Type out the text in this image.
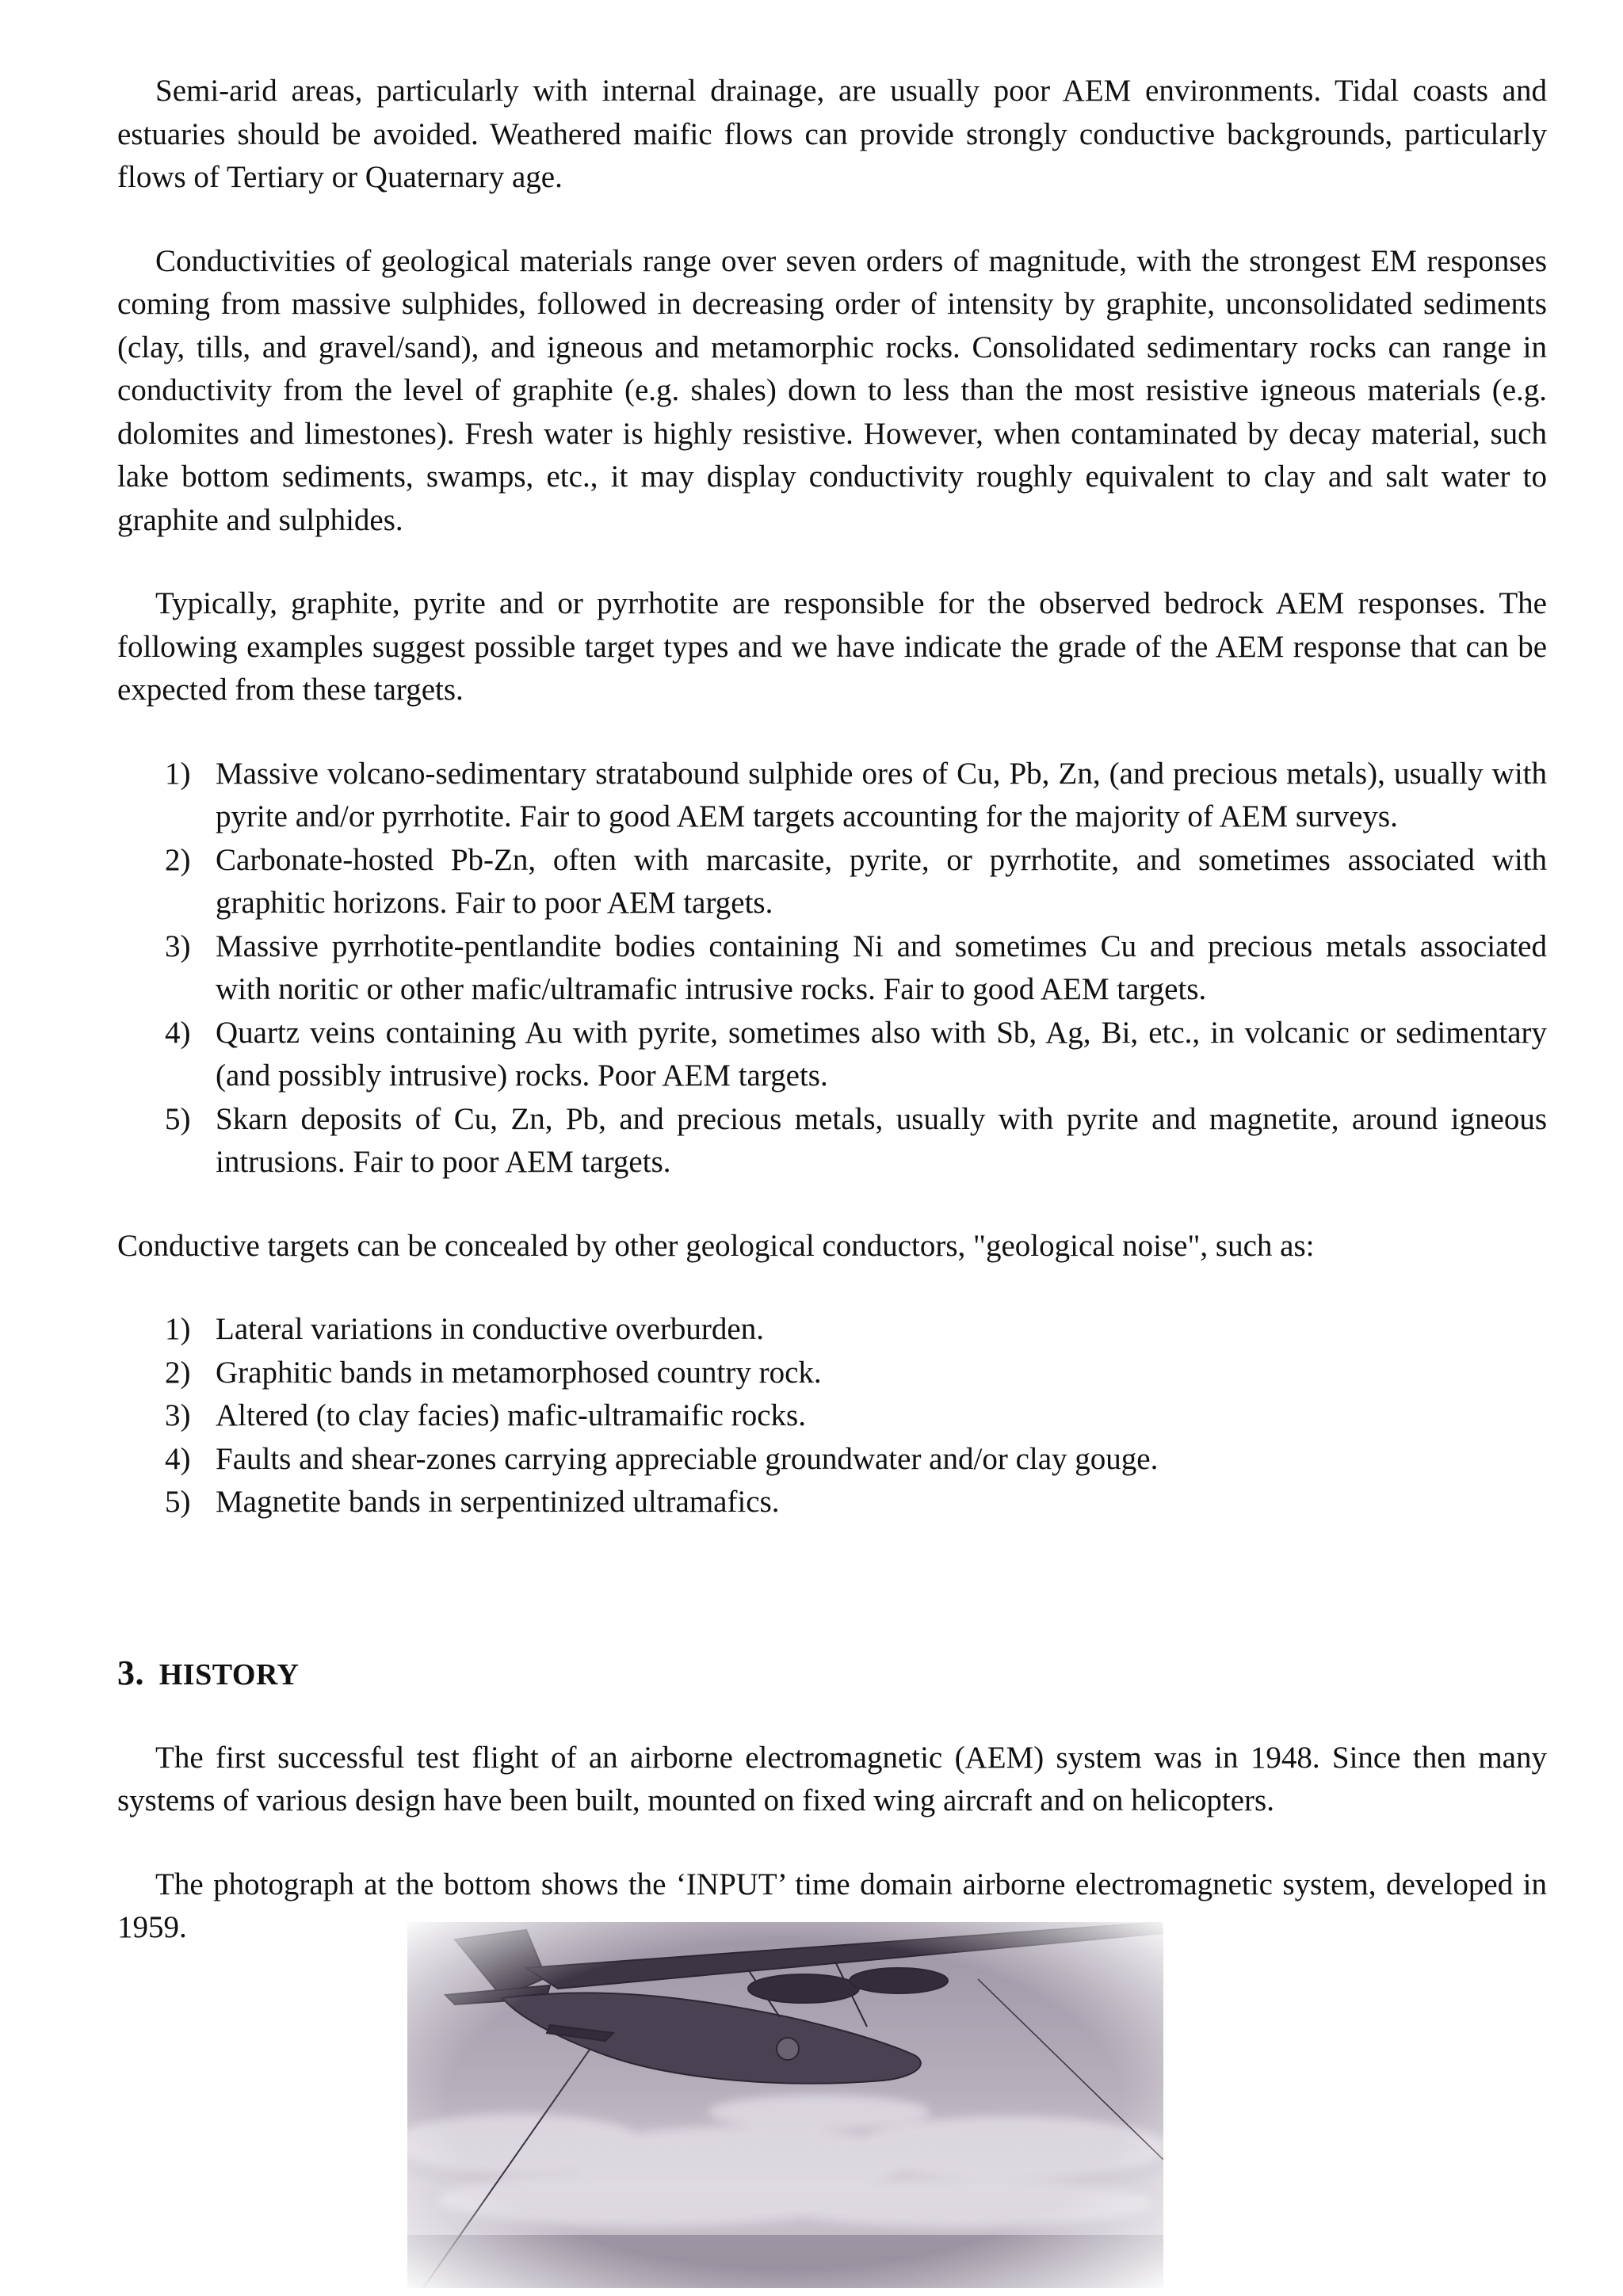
Semi-arid areas, particularly with internal drainage, are usually poor AEM environments. Tidal coasts and estuaries should be avoided. Weathered maific flows can provide strongly conductive backgrounds, particularly flows of Tertiary or Quaternary age.

Conductivities of geological materials range over seven orders of magnitude, with the strongest EM responses coming from massive sulphides, followed in decreasing order of intensity by graphite, unconsolidated sediments (clay, tills, and gravel/sand), and igneous and metamorphic rocks. Consolidated sedimentary rocks can range in conductivity from the level of graphite (e.g. shales) down to less than the most resistive igneous materials (e.g. dolomites and limestones). Fresh water is highly resistive. However, when contaminated by decay material, such lake bottom sediments, swamps, etc., it may display conductivity roughly equivalent to clay and salt water to graphite and sulphides.

Typically, graphite, pyrite and or pyrrhotite are responsible for the observed bedrock AEM responses. The following examples suggest possible target types and we have indicate the grade of the AEM response that can be expected from these targets.

1) Massive volcano-sedimentary stratabound sulphide ores of Cu, Pb, Zn, (and precious metals), usually with pyrite and/or pyrrhotite. Fair to good AEM targets accounting for the majority of AEM surveys.
2) Carbonate-hosted Pb-Zn, often with marcasite, pyrite, or pyrrhotite, and sometimes associated with graphitic horizons. Fair to poor AEM targets.
3) Massive pyrrhotite-pentlandite bodies containing Ni and sometimes Cu and precious metals associated with noritic or other mafic/ultramafic intrusive rocks. Fair to good AEM targets.
4) Quartz veins containing Au with pyrite, sometimes also with Sb, Ag, Bi, etc., in volcanic or sedimentary (and possibly intrusive) rocks. Poor AEM targets.
5) Skarn deposits of Cu, Zn, Pb, and precious metals, usually with pyrite and magnetite, around igneous intrusions. Fair to poor AEM targets.

Conductive targets can be concealed by other geological conductors, "geological noise", such as:

1) Lateral variations in conductive overburden.
2) Graphitic bands in metamorphosed country rock.
3) Altered (to clay facies) mafic-ultramaific rocks.
4) Faults and shear-zones carrying appreciable groundwater and/or clay gouge.
5) Magnetite bands in serpentinized ultramafics.
3. HISTORY

The first successful test flight of an airborne electromagnetic (AEM) system was in 1948. Since then many systems of various design have been built, mounted on fixed wing aircraft and on helicopters.

The photograph at the bottom shows the ‘INPUT’ time domain airborne electromagnetic system, developed in 1959.
